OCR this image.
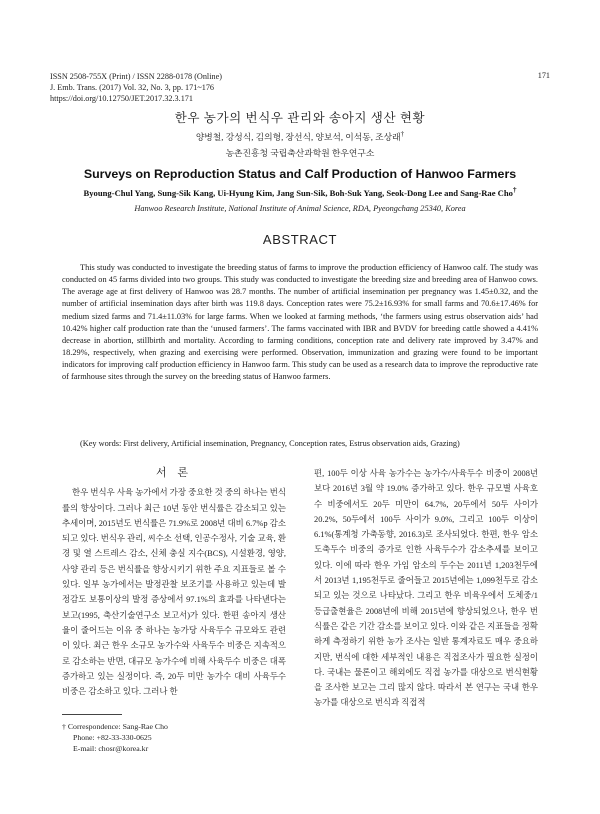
ISSN 2508-755X (Print) / ISSN 2288-0178 (Online)
J. Emb. Trans. (2017) Vol. 32, No. 3, pp. 171~176
https://doi.org/10.12750/JET.2017.32.3.171
171
한우 농가의 번식우 관리와 송아지 생산 현황
양병철, 강성식, 김의형, 장선식, 양보석, 이석동, 조상래†
농촌진흥청 국립축산과학원 한우연구소
Surveys on Reproduction Status and Calf Production of Hanwoo Farmers
Byoung-Chul Yang, Sung-Sik Kang, Ui-Hyung Kim, Jang Sun-Sik, Boh-Suk Yang, Seok-Dong Lee and Sang-Rae Cho†
Hanwoo Research Institute, National Institute of Animal Science, RDA, Pyeongchang 25340, Korea
ABSTRACT

This study was conducted to investigate the breeding status of farms to improve the production efficiency of Hanwoo calf. The study was conducted on 45 farms divided into two groups. This study was conducted to investigate the breeding size and breeding area of Hanwoo cows. The average age at first delivery of Hanwoo was 28.7 months. The number of artificial insemination per pregnancy was 1.45±0.32, and the number of artificial insemination days after birth was 119.8 days. Conception rates were 75.2±16.93% for small farms and 70.6±17.46% for medium sized farms and 71.4±11.03% for large farms. When we looked at farming methods, ‘the farmers using estrus observation aids’ had 10.42% higher calf production rate than the ‘unused farmers’. The farms vaccinated with IBR and BVDV for breeding cattle showed a 4.41% decrease in abortion, stillbirth and mortality. According to farming conditions, conception rate and delivery rate improved by 3.47% and 18.29%, respectively, when grazing and exercising were performed. Observation, immunization and grazing were found to be important indicators for improving calf production efficiency in Hanwoo farm. This study can be used as a research data to improve the reproductive rate of farmhouse sites through the survey on the breeding status of Hanwoo farmers.

(Key words: First delivery, Artificial insemination, Pregnancy, Conception rates, Estrus observation aids, Grazing)
서 론

한우 번식우 사육 농가에서 가장 중요한 것 중의 하나는 번식률의 향상이다. 그러나 최근 10년 동안 번식률은 감소되고 있는 추세이며, 2015년도 번식률은 71.9%로 2008년 대비 6.7%p 감소되고 있다. 번식우 관리, 씨수소 선택, 인공수정사, 기술 교육, 환경 및 열 스트레스 감소, 신체 충실 지수(BCS), 시설환경, 영양, 사양 관리 등은 번식률을 향상시키기 위한 주요 지표들로 볼 수 있다. 일부 농가에서는 발정관찰 보조기를 사용하고 있는데 발정감도 보통이상의 발정 증상에서 97.1%의 효과를 나타낸다는 보고(1995, 축산기술연구소 보고서)가 있다. 한편 송아지 생산율이 줄어드는 이유 중 하나는 농가당 사육두수 규모와도 관련이 있다. 최근 한우 소규모 농가수와 사육두수 비중은 지속적으로 감소하는 반면, 대규모 농가수에 비해 사육두수 비중은 대폭 증가하고 있는 실정이다. 즉, 20두 미만 농가수 대비 사육두수 비중은 감소하고 있다. 그러나 한

편, 100두 이상 사육 농가수는 농가수/사육두수 비중이 2008년 보다 2016년 3월 약 19.0% 증가하고 있다. 한우 규모별 사육호수 비중에서도 20두 미만이 64.7%, 20두에서 50두 사이가 20.2%, 50두에서 100두 사이가 9.0%, 그리고 100두 이상이 6.1%(통계청 가축동향, 2016.3)로 조사되었다. 한편, 한우 암소 도축두수 비중의 증가로 인한 사육두수가 감소추세를 보이고 있다. 이에 따라 한우 가임 암소의 두수는 2011년 1,203천두에서 2013년 1,195천두로 줄어들고 2015년에는 1,099천두로 감소되고 있는 것으로 나타났다. 그리고 한우 비육우에서 도체중/1등급출현율은 2008년에 비해 2015년에 향상되었으나, 한우 번식률은 같은 기간 감소를 보이고 있다. 이와 같은 지표들을 정확하게 측정하기 위한 농가 조사는 일반 통계자료도 매우 중요하지만, 번식에 대한 세부적인 내용은 직접조사가 필요한 실정이다. 국내는 물론이고 해외에도 직접 농가를 대상으로 번식현황을 조사한 보고는 그리 많지 않다. 따라서 본 연구는 국내 한우농가를 대상으로 번식과 직접적

† Correspondence: Sang-Rae Cho
Phone: +82-33-330-0625
E-mail: chosr@korea.kr
